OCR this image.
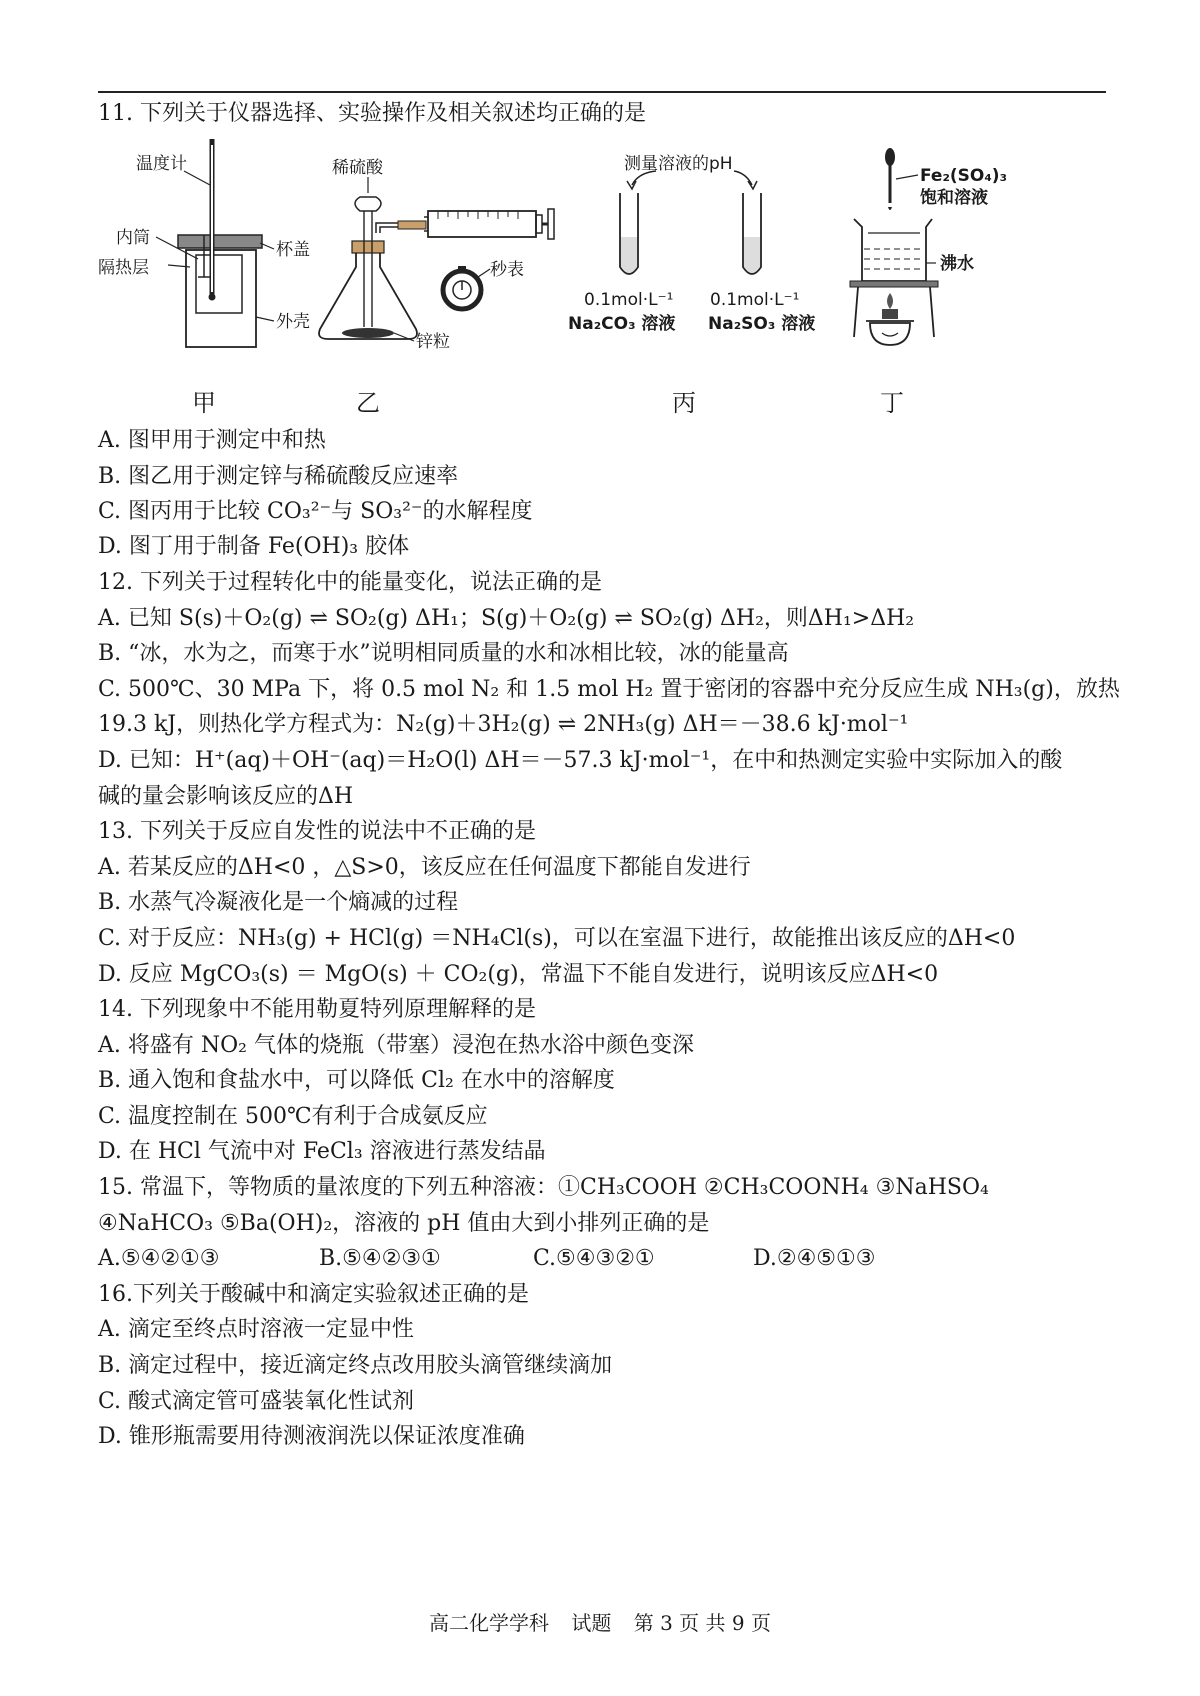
11. 下列关于仪器选择、实验操作及相关叙述均正确的是
温度计
内筒
隔热层
杯盖
外壳
稀硫酸
秒表
锌粒
测量溶液的pH
0.1mol·L⁻¹ 0.1mol·L⁻¹
Na₂CO₃ 溶液 Na₂SO₃ 溶液
Fe₂(SO₄)₃
饱和溶液
沸水
甲	乙	丙	丁
A. 图甲用于测定中和热
B. 图乙用于测定锌与稀硫酸反应速率
C. 图丙用于比较 CO₃²⁻与 SO₃²⁻的水解程度
D. 图丁用于制备 Fe(OH)₃ 胶体
12. 下列关于过程转化中的能量变化，说法正确的是
A. 已知 S(s)＋O₂(g) ⇌ SO₂(g) ΔH₁；S(g)＋O₂(g) ⇌ SO₂(g) ΔH₂，则ΔH₁>ΔH₂
B. “冰，水为之，而寒于水”说明相同质量的水和冰相比较，冰的能量高
C. 500℃、30 MPa 下，将 0.5 mol N₂ 和 1.5 mol H₂ 置于密闭的容器中充分反应生成 NH₃(g)，放热
19.3 kJ，则热化学方程式为：N₂(g)＋3H₂(g) ⇌ 2NH₃(g) ΔH＝－38.6 kJ·mol⁻¹
D. 已知：H⁺(aq)＋OH⁻(aq)＝H₂O(l) ΔH＝－57.3 kJ·mol⁻¹，在中和热测定实验中实际加入的酸
碱的量会影响该反应的ΔH
13. 下列关于反应自发性的说法中不正确的是
A. 若某反应的ΔH<0 ，△S>0，该反应在任何温度下都能自发进行
B. 水蒸气冷凝液化是一个熵减的过程
C. 对于反应：NH₃(g) + HCl(g) ＝NH₄Cl(s)，可以在室温下进行，故能推出该反应的ΔH<0
D. 反应 MgCO₃(s) ＝ MgO(s) ＋ CO₂(g)，常温下不能自发进行，说明该反应ΔH<0
14. 下列现象中不能用勒夏特列原理解释的是
A. 将盛有 NO₂ 气体的烧瓶（带塞）浸泡在热水浴中颜色变深
B. 通入饱和食盐水中，可以降低 Cl₂ 在水中的溶解度
C. 温度控制在 500℃有利于合成氨反应
D. 在 HCl 气流中对 FeCl₃ 溶液进行蒸发结晶
15. 常温下，等物质的量浓度的下列五种溶液：①CH₃COOH ②CH₃COONH₄ ③NaHSO₄
④NaHCO₃ ⑤Ba(OH)₂，溶液的 pH 值由大到小排列正确的是
A.⑤④②①③	B.⑤④②③①	C.⑤④③②①	D.②④⑤①③
16.下列关于酸碱中和滴定实验叙述正确的是
A. 滴定至终点时溶液一定显中性
B. 滴定过程中，接近滴定终点改用胶头滴管继续滴加
C. 酸式滴定管可盛装氧化性试剂
D. 锥形瓶需要用待测液润洗以保证浓度准确
高二化学学科 试题 第 3 页 共 9 页
